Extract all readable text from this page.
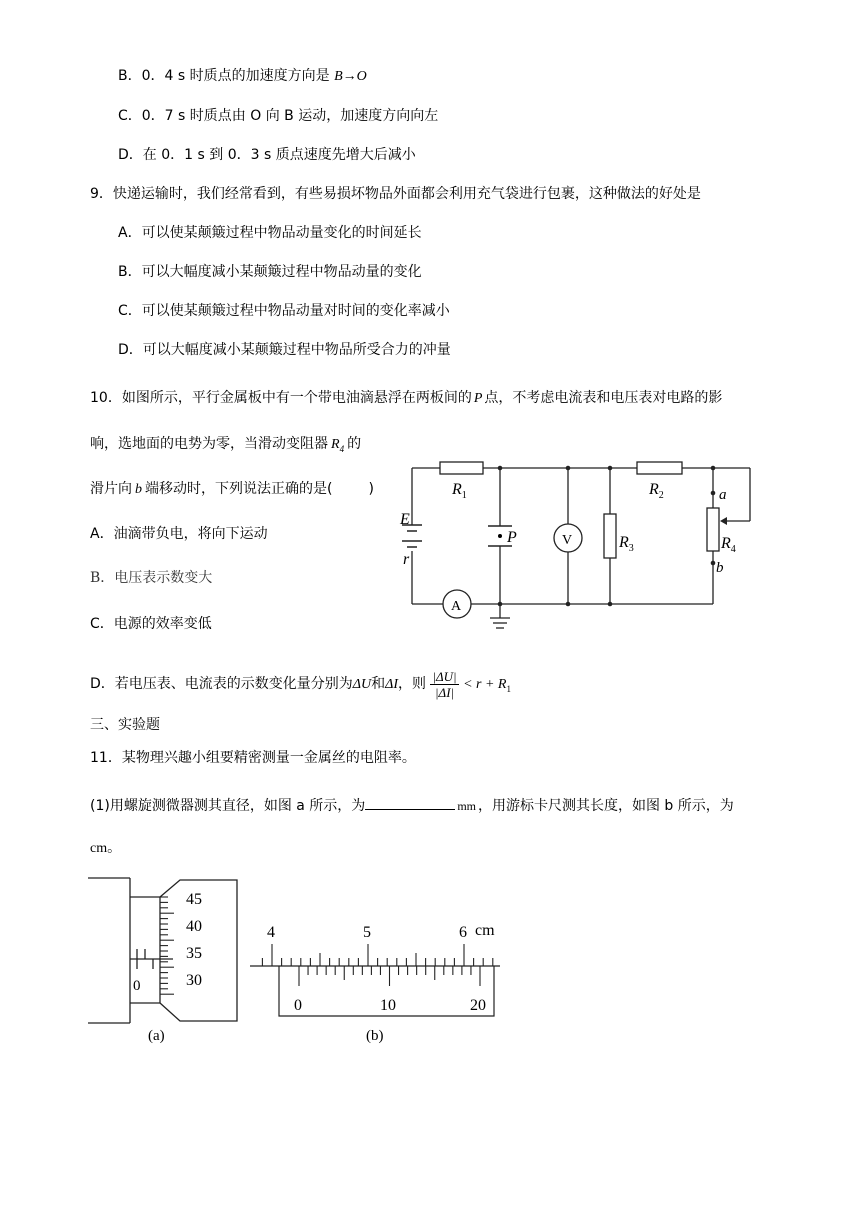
B．0．4 s 时质点的加速度方向是 B→O
C．0．7 s 时质点由 O 向 B 运动，加速度方向向左
D．在 0．1 s 到 0．3 s 质点速度先增大后减小
9．快递运输时，我们经常看到，有些易损坏物品外面都会利用充气袋进行包裹，这种做法的好处是
A．可以使某颠簸过程中物品动量变化的时间延长
B．可以大幅度减小某颠簸过程中物品动量的变化
C．可以使某颠簸过程中物品动量对时间的变化率减小
D．可以大幅度减小某颠簸过程中物品所受合力的冲量
10．如图所示，平行金属板中有一个带电油滴悬浮在两板间的 P 点，不考虑电流表和电压表对电路的影
响，选地面的电势为零，当滑动变阻器 $R_4$ 的
滑片向 b 端移动时，下列说法正确的是(	)
A．油滴带负电，将向下运动
B．电压表示数变大
C．电源的效率变低
D．若电压表、电流表的示数变化量分别为ΔU和ΔI，则 $\frac{|\Delta U|}{|\Delta I|} < r + R_1$
$R_1$	$R_2$
$R_3$	$R_4$
E
r
P	V
A
a
b
三、实验题
11．某物理兴趣小组要精密测量一金属丝的电阻率。
(1)用螺旋测微器测其直径，如图 a 所示，为	mm ，用游标卡尺测其长度，如图 b 所示，为
cm。
45
40
35
30
0
(a)
4	5	6 cm
0	10	20
(b)
